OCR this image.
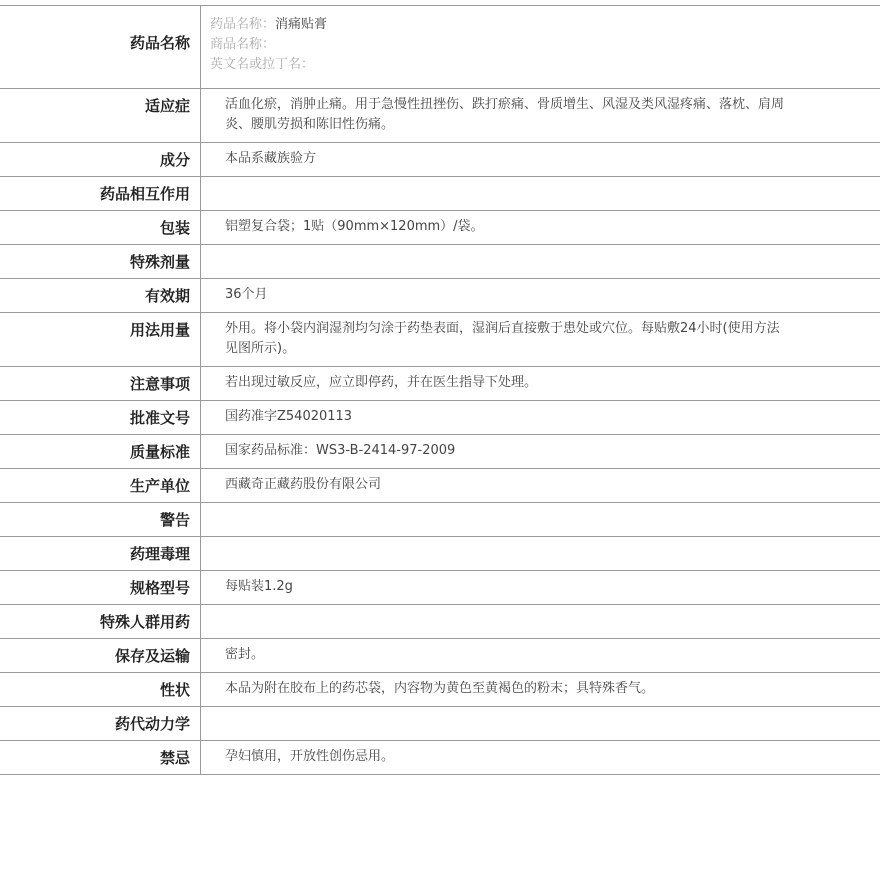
药品名称	药品名称：消痛贴膏
商品名称：
英文名或拉丁名：

适应症	活血化瘀，消肿止痛。用于急慢性扭挫伤、跌打瘀痛、骨质增生、风湿及类风湿疼痛、落枕、肩周炎、腰肌劳损和陈旧性伤痛。

成分	本品系藏族验方

药品相互作用	

包装	铝塑复合袋；1贴（90mm×120mm）/袋。

特殊剂量	

有效期	36个月

用法用量	外用。将小袋内润湿剂均匀涂于药垫表面，湿润后直接敷于患处或穴位。每贴敷24小时(使用方法见图所示)。

注意事项	若出现过敏反应，应立即停药，并在医生指导下处理。

批准文号	国药准字Z54020113

质量标准	国家药品标准：WS3-B-2414-97-2009

生产单位	西藏奇正藏药股份有限公司

警告	

药理毒理	

规格型号	每贴装1.2g

特殊人群用药	

保存及运输	密封。

性状	本品为附在胶布上的药芯袋，内容物为黄色至黄褐色的粉末；具特殊香气。

药代动力学	

禁忌	孕妇慎用，开放性创伤忌用。
